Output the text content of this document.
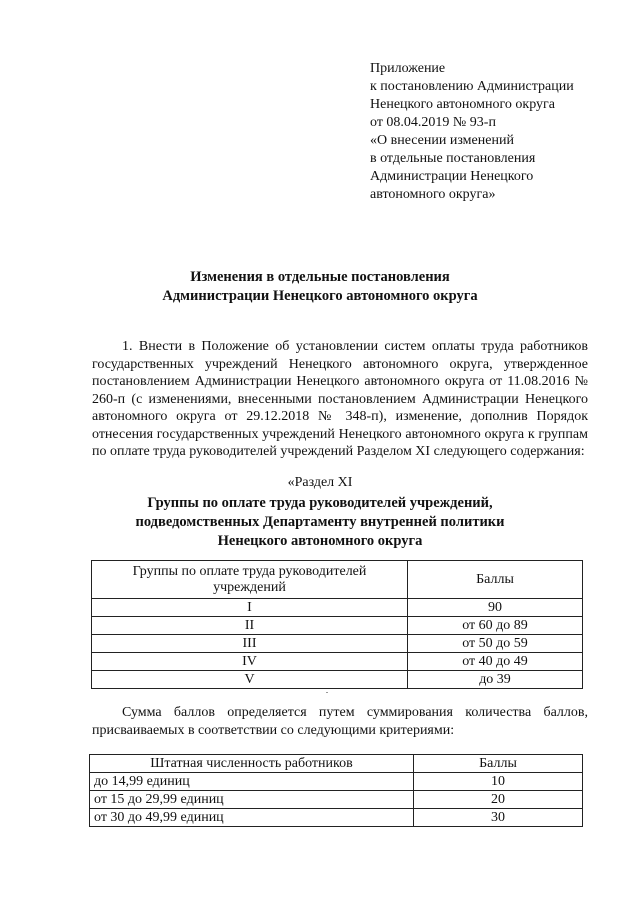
Приложение
к постановлению Администрации
Ненецкого автономного округа
от 08.04.2019 № 93-п
«О внесении изменений
в отдельные постановления
Администрации Ненецкого
автономного округа»
Изменения в отдельные постановления
Администрации Ненецкого автономного округа
1. Внести в Положение об установлении систем оплаты труда работников государственных учреждений Ненецкого автономного округа, утвержденное постановлением Администрации Ненецкого автономного округа от 11.08.2016 № 260-п (с изменениями, внесенными постановлением Администрации Ненецкого автономного округа от 29.12.2018 № 348-п), изменение, дополнив Порядок отнесения государственных учреждений Ненецкого автономного округа к группам по оплате труда руководителей учреждений Разделом XI следующего содержания:
«Раздел XI
Группы по оплате труда руководителей учреждений,
подведомственных Департаменту внутренней политики
Ненецкого автономного округа
Группы по оплате труда руководителей учреждений	Баллы
I	90
II	от 60 до 89
III	от 50 до 59
IV	от 40 до 49
V	до 39
Сумма баллов определяется путем суммирования количества баллов, присваиваемых в соответствии со следующими критериями:
Штатная численность работников	Баллы
до 14,99 единиц	10
от 15 до 29,99 единиц	20
от 30 до 49,99 единиц	30
